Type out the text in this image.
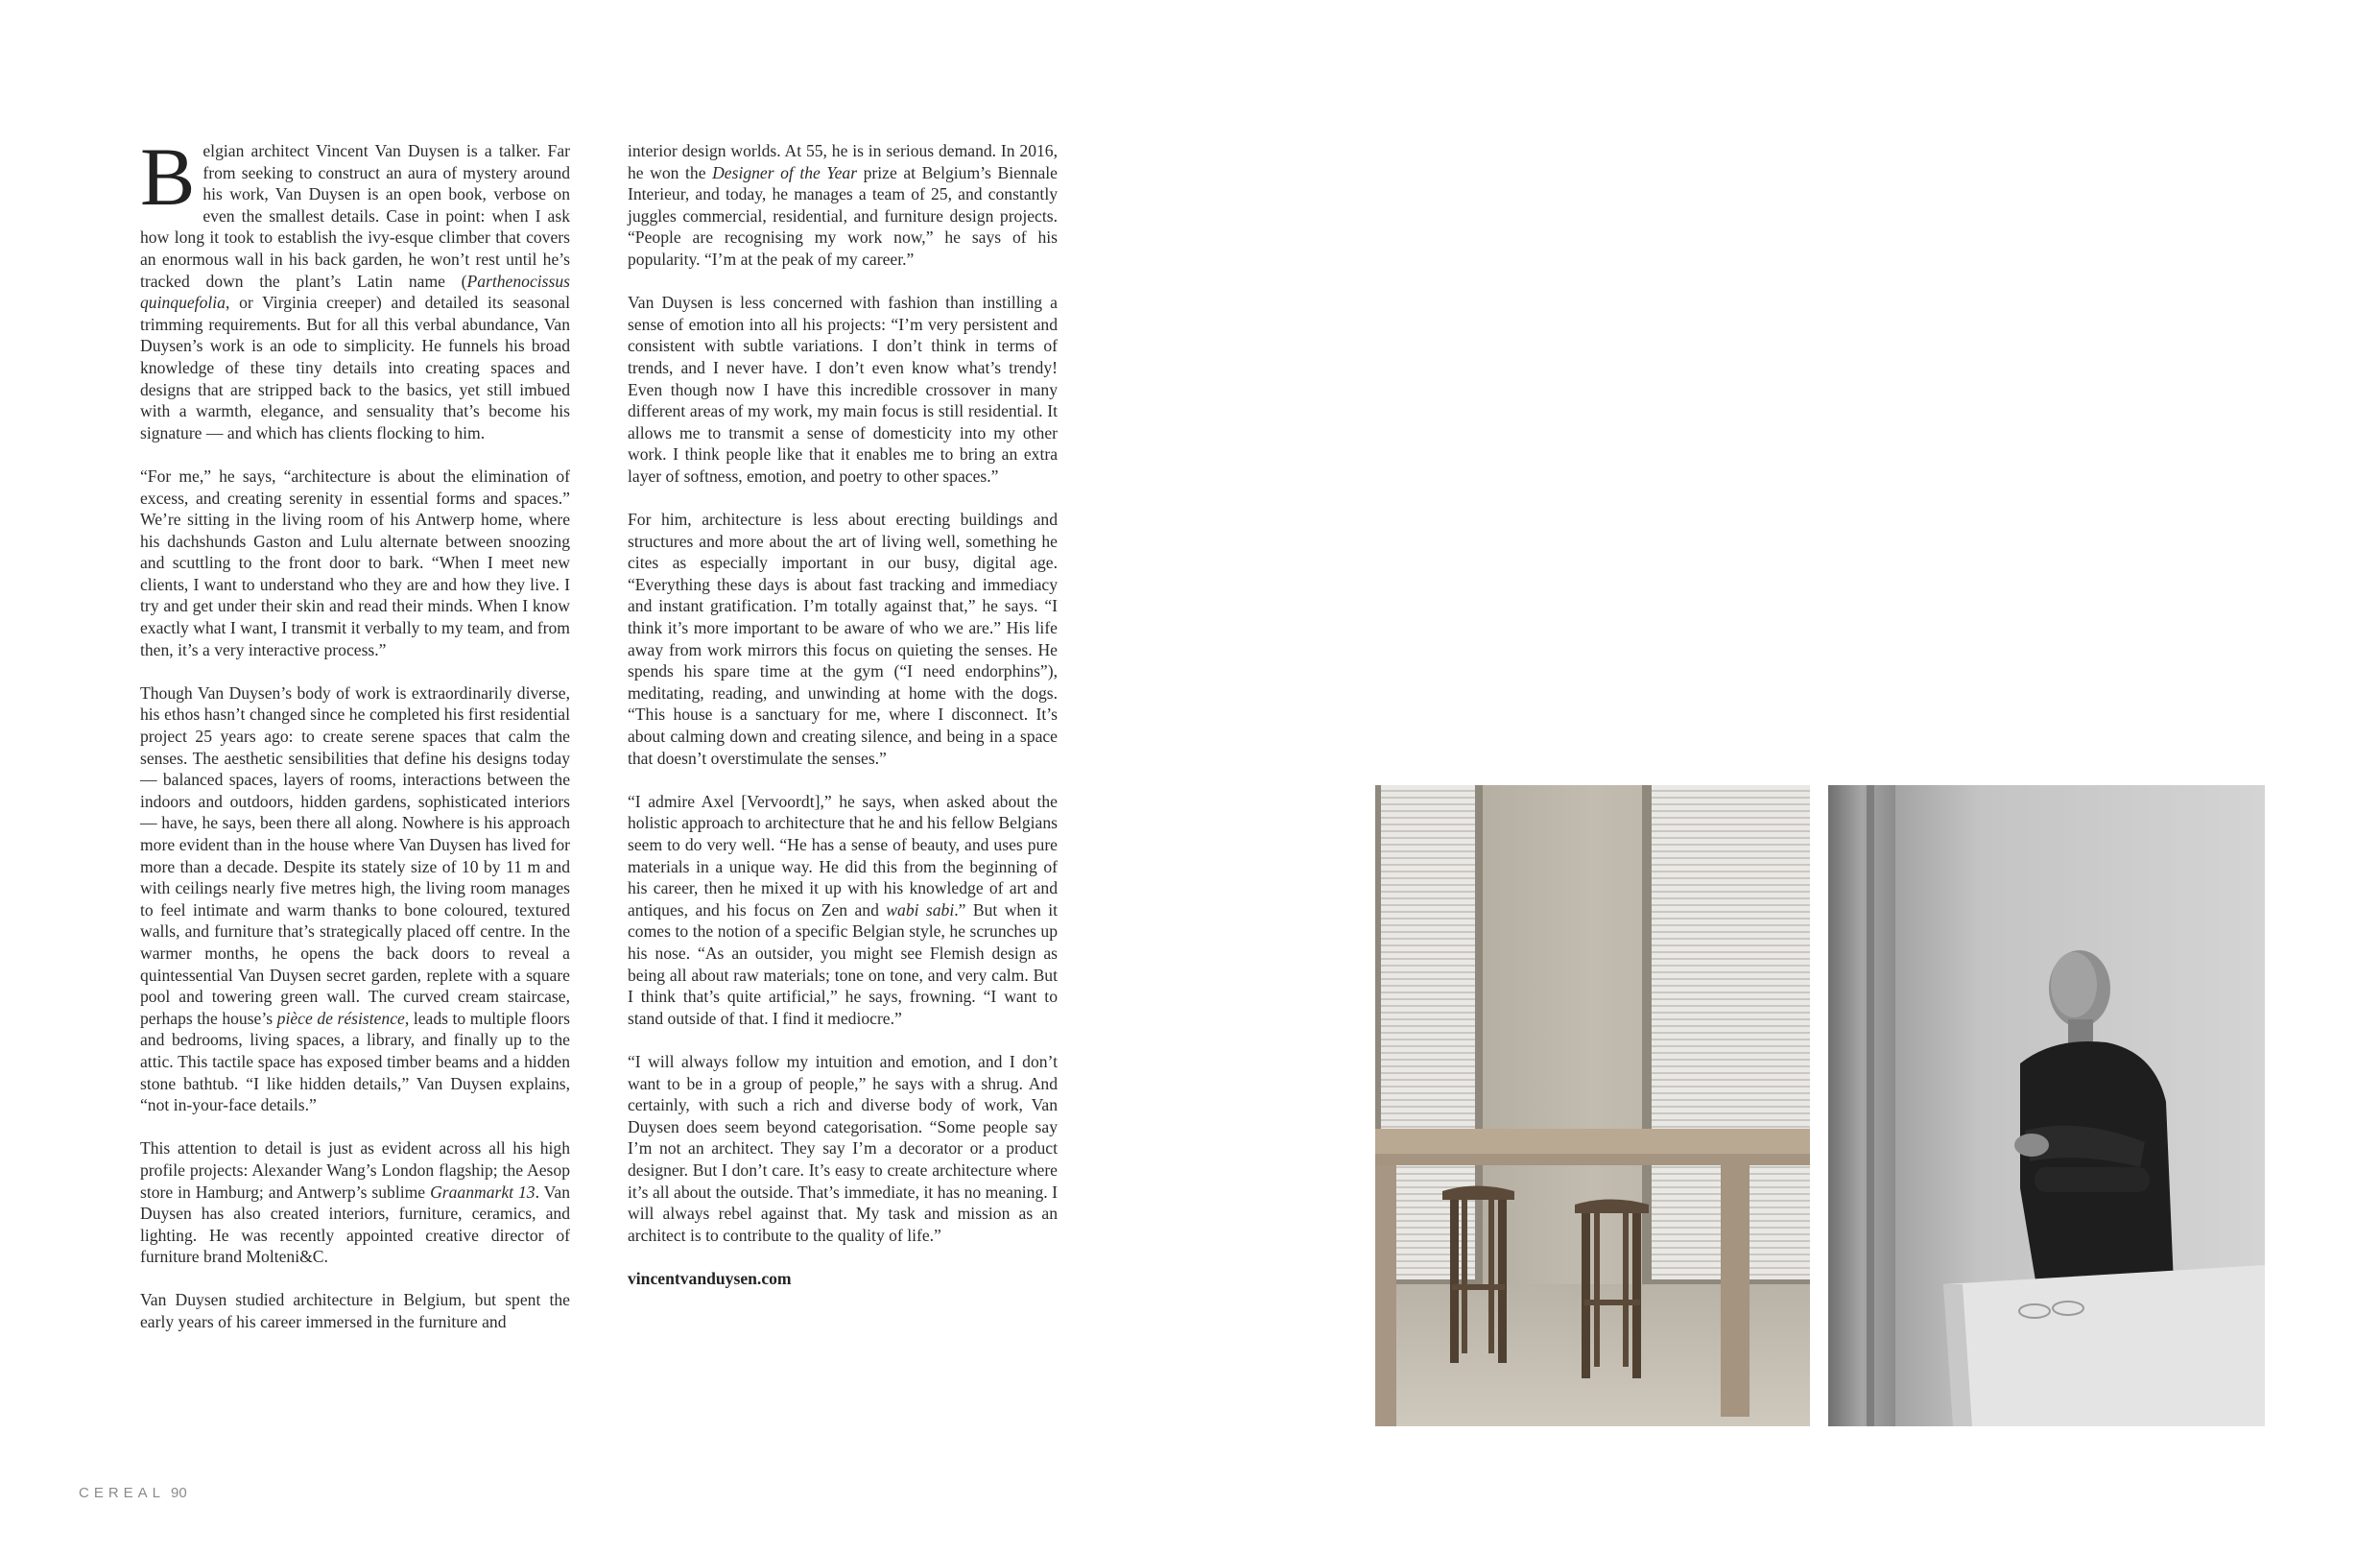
Belgian architect Vincent Van Duysen is a talker. Far from seeking to construct an aura of mystery around his work, Van Duysen is an open book, verbose on even the smallest details. Case in point: when I ask how long it took to establish the ivy-esque climber that covers an enormous wall in his back garden, he won’t rest until he’s tracked down the plant’s Latin name (Parthenocissus quinquefolia, or Virginia creeper) and detailed its seasonal trimming requirements. But for all this verbal abundance, Van Duysen’s work is an ode to simplicity. He funnels his broad knowledge of these tiny details into creating spaces and designs that are stripped back to the basics, yet still imbued with a warmth, elegance, and sensuality that’s become his signature — and which has clients flocking to him.

“For me,” he says, “architecture is about the elimination of excess, and creating serenity in essential forms and spaces.” We’re sitting in the living room of his Antwerp home, where his dachshunds Gaston and Lulu alternate between snoozing and scuttling to the front door to bark. “When I meet new clients, I want to understand who they are and how they live. I try and get under their skin and read their minds. When I know exactly what I want, I transmit it verbally to my team, and from then, it’s a very interactive process.”

Though Van Duysen’s body of work is extraordinarily diverse, his ethos hasn’t changed since he completed his first residential project 25 years ago: to create serene spaces that calm the senses. The aesthetic sensibilities that define his designs today — balanced spaces, layers of rooms, interactions between the indoors and outdoors, hidden gardens, sophisticated interiors — have, he says, been there all along. Nowhere is his approach more evident than in the house where Van Duysen has lived for more than a decade. Despite its stately size of 10 by 11 m and with ceilings nearly five metres high, the living room manages to feel intimate and warm thanks to bone coloured, textured walls, and furniture that’s strategically placed off centre. In the warmer months, he opens the back doors to reveal a quintessential Van Duysen secret garden, replete with a square pool and towering green wall. The curved cream staircase, perhaps the house’s pièce de résistence, leads to multiple floors and bedrooms, living spaces, a library, and finally up to the attic. This tactile space has exposed timber beams and a hidden stone bathtub. “I like hidden details,” Van Duysen explains, “not in-your-face details.”

This attention to detail is just as evident across all his high profile projects: Alexander Wang’s London flagship; the Aesop store in Hamburg; and Antwerp’s sublime Graanmarkt 13. Van Duysen has also created interiors, furniture, ceramics, and lighting. He was recently appointed creative director of furniture brand Molteni&C.

Van Duysen studied architecture in Belgium, but spent the early years of his career immersed in the furniture and

interior design worlds. At 55, he is in serious demand. In 2016, he won the Designer of the Year prize at Belgium’s Biennale Interieur, and today, he manages a team of 25, and constantly juggles commercial, residential, and furniture design projects. “People are recognising my work now,” he says of his popularity. “I’m at the peak of my career.”

Van Duysen is less concerned with fashion than instilling a sense of emotion into all his projects: “I’m very persistent and consistent with subtle variations. I don’t think in terms of trends, and I never have. I don’t even know what’s trendy! Even though now I have this incredible crossover in many different areas of my work, my main focus is still residential. It allows me to transmit a sense of domesticity into my other work. I think people like that it enables me to bring an extra layer of softness, emotion, and poetry to other spaces.”

For him, architecture is less about erecting buildings and structures and more about the art of living well, something he cites as especially important in our busy, digital age. “Everything these days is about fast tracking and immediacy and instant gratification. I’m totally against that,” he says. “I think it’s more important to be aware of who we are.” His life away from work mirrors this focus on quieting the senses. He spends his spare time at the gym (“I need endorphins”), meditating, reading, and unwinding at home with the dogs. “This house is a sanctuary for me, where I disconnect. It’s about calming down and creating silence, and being in a space that doesn’t overstimulate the senses.”

“I admire Axel [Vervoordt],” he says, when asked about the holistic approach to architecture that he and his fellow Belgians seem to do very well. “He has a sense of beauty, and uses pure materials in a unique way. He did this from the beginning of his career, then he mixed it up with his knowledge of art and antiques, and his focus on Zen and wabi sabi.” But when it comes to the notion of a specific Belgian style, he scrunches up his nose. “As an outsider, you might see Flemish design as being all about raw materials; tone on tone, and very calm. But I think that’s quite artificial,” he says, frowning. “I want to stand outside of that. I find it mediocre.”

“I will always follow my intuition and emotion, and I don’t want to be in a group of people,” he says with a shrug. And certainly, with such a rich and diverse body of work, Van Duysen does seem beyond categorisation. “Some people say I’m not an architect. They say I’m a decorator or a product designer. But I don’t care. It’s easy to create architecture where it’s all about the outside. That’s immediate, it has no meaning. I will always rebel against that. My task and mission as an architect is to contribute to the quality of life.”

vincentvanduysen.com

CEREAL 90
